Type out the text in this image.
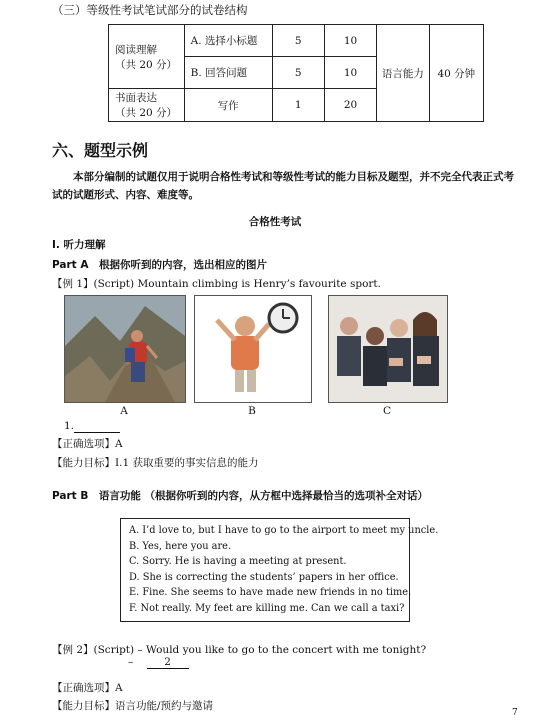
（三）等级性考试笔试部分的试卷结构
阅读理解
（共 20 分）	A. 选择小标题	5	10	语言能力	40 分钟
	B. 回答问题	5	10		

书面表达
（共 20 分）	写作	1	20		
六、题型示例
本部分编制的试题仅用于说明合格性考试和等级性考试的能力目标及题型，并不完全代表正式考试的试题形式、内容、难度等。
合格性考试
I. 听力理解
Part A　根据你听到的内容，选出相应的图片
【例 1】(Script) Mountain climbing is Henry’s favourite sport.
A	B	C
1.
【正确选项】A
【能力目标】I.1 获取重要的事实信息的能力
Part B　语言功能 （根据你听到的内容，从方框中选择最恰当的选项补全对话）
A. I’d love to, but I have to go to the airport to meet my uncle.
B. Yes, here you are.
C. Sorry. He is having a meeting at present.
D. She is correcting the students’ papers in her office.
E. Fine. She seems to have made new friends in no time.
F. Not really. My feet are killing me. Can we call a taxi?
【例 2】(Script) – Would you like to go to the concert with me tonight?
–	2
【正确选项】A
【能力目标】语言功能/预约与邀请
7
